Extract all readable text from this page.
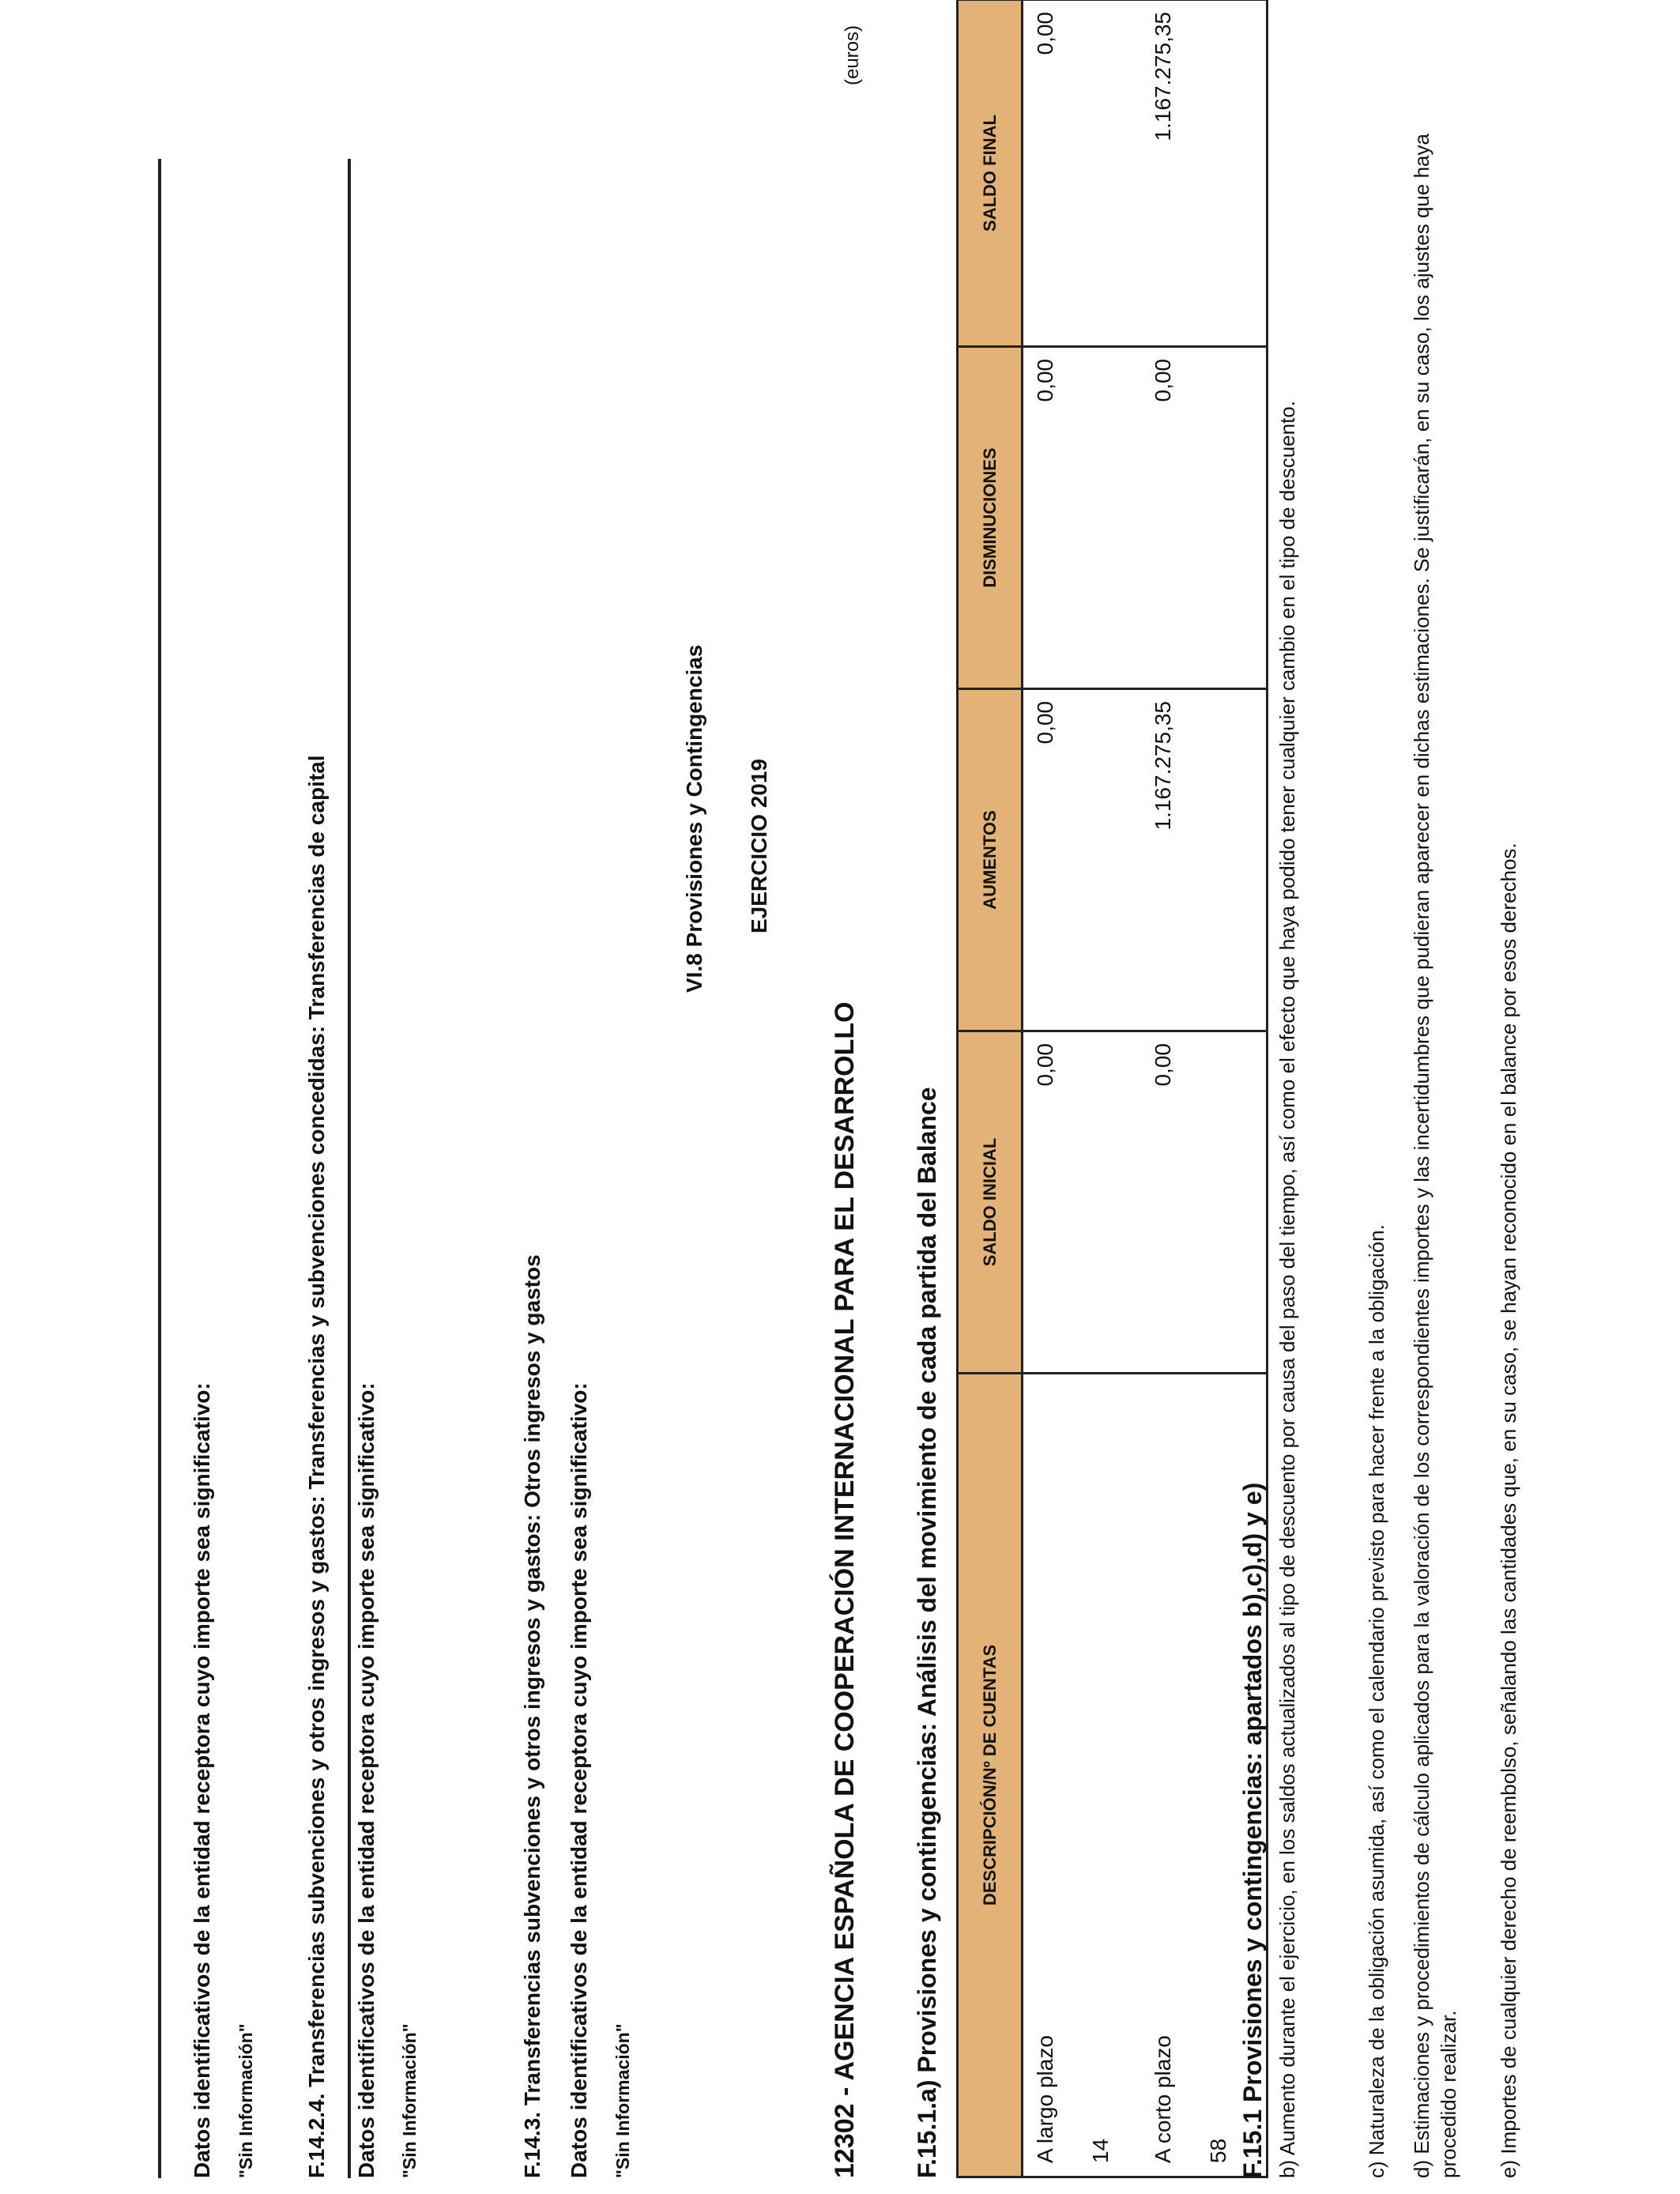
Datos identificativos de la entidad receptora cuyo importe sea significativo: "Sin Información" F.14.2.4. Transferencias subvenciones y otros ingresos y gastos: Transferencias y subvenciones concedidas: Transferencias de capital Datos identificativos de la entidad receptora cuyo importe sea significativo: "Sin Información"	F.14.3. Transferencias subvenciones y otros ingresos y gastos: Otros ingresos y gastos Datos identificativos de la entidad receptora cuyo importe sea significativo: "Sin Información"
VI.8 Provisiones y Contingencias EJERCICIO 2019
12302 - AGENCIA ESPAÑOLA DE COOPERACIÓN INTERNACIONAL PARA EL DESARROLLO
(euros)
F.15.1.a) Provisiones y contingencias: Análisis del movimiento de cada partida del Balance DESCRIPCIÓN/Nº DE CUENTAS	SALDO INICIAL	AUMENTOS	DISMINUCIONES	SALDO FINAL
A largo plazo 14	0,00	0,00	0,00	0,00
A corto plazo 58	0,00	1.167.275,35	0,00	1.167.275,35
F.15.1 Provisiones y contingencias: apartados b),c),d) y e) b) Aumento durante el ejercicio, en los saldos actualizados al tipo de descuento por causa del paso del tiempo, así como el efecto que haya podido tener cualquier cambio en el tipo de descuento.	c) Naturaleza de la obligación asumida, así como el calendario previsto para hacer frente a la obligación. d) Estimaciones y procedimientos de cálculo aplicados para la valoración de los correspondientes importes y las incertidumbres que pudieran aparecer en dichas estimaciones. Se justificarán, en su caso, los ajustes que haya procedido realizar. e) Importes de cualquier derecho de reembolso, señalando las cantidades que, en su caso, se hayan reconocido en el balance por esos derechos.
